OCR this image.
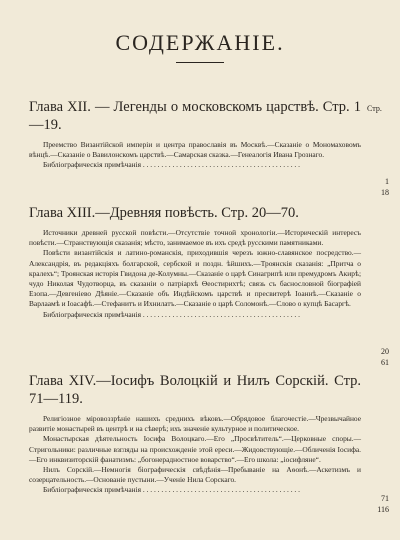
СОДЕРЖАНІЕ.
Стр.

Глава XII. — Легенды о московскомъ царствѣ. Стр. 1—19.

Преемство Византійской имперіи и центра православія въ Москвѣ.—Сказаніе о Мономаховомъ вѣнцѣ.—Сказаніе о Вавилонскомъ царствѣ.—Самарская сказка.—Генеалогія Ивана Грознаго.
Библіографическія примѣчанія . . .
1
18

Глава XIII.—Древняя повѣсть. Стр. 20—70.

Источники древней русской повѣсти.—Отсутствіе точной хронологіи.—Историческій интересъ повѣсти.—Странствующія сказанія; мѣсто, занимаемое въ ихъ средѣ русскими памятниками.

Повѣсти византійскія и латино-романскія, приходившія черезъ южно-славянское посредство.—Александрія, въ редакціяхъ болгарской, сербской и поздн. ѣйшихъ.—Троянскія сказанія: „Притча о кралехъ“; Троянская исторія Гвидона де-Колумны.—Сказаніе о царѣ Синагрипѣ или премудромъ Акирѣ; чудо Николая Чудотворца, въ сказаніи о патріархѣ Ѳеостирихтѣ; связь съ баснословной біографіей Езопа.—Девгеніево Дѣяніе.—Сказаніе объ Индѣйскомъ царствѣ и пресвитерѣ Іоаннѣ.—Сказаніе о Варлаамѣ и Іоасафѣ.—Стефанитъ и Ихнилатъ.—Сказаніе о царѣ Соломонѣ.—Слово о купцѣ Басаргѣ.

Библіографическія примѣчанія . . .
20
61

Глава XIV.—Іосифъ Волоцкій и Нилъ Сорскій. Стр. 71—119.

Религіозное міровоззрѣніе нашихъ среднихъ вѣковъ.—Обрядовое благочестіе.—Чрезвычайное развитіе монастырей въ центрѣ и на сѣверѣ; ихъ значеніе культурное и политическое.

Монастырская дѣятельность Іосифа Волоцкаго.—Его „Просвѣтитель“.—Церковные споры.—Стригольники: различные взгляды на происхожденіе этой ереси.—Жидовствующіе.—Обличенія Іосифа.—Его инквизиторскій фанатизмъ: „богонерадностное воварство“.—Его школа: „іосифляне“.

Нилъ Сорскій.—Немногія біографическія свѣдѣнія—Пребываніе на Аѳонѣ.—Аскетизмъ и созерцательность.—Основаніе пустыни.—Ученіе Нила Сорскаго.

Библіографическія примѣчанія . . .
71
116
